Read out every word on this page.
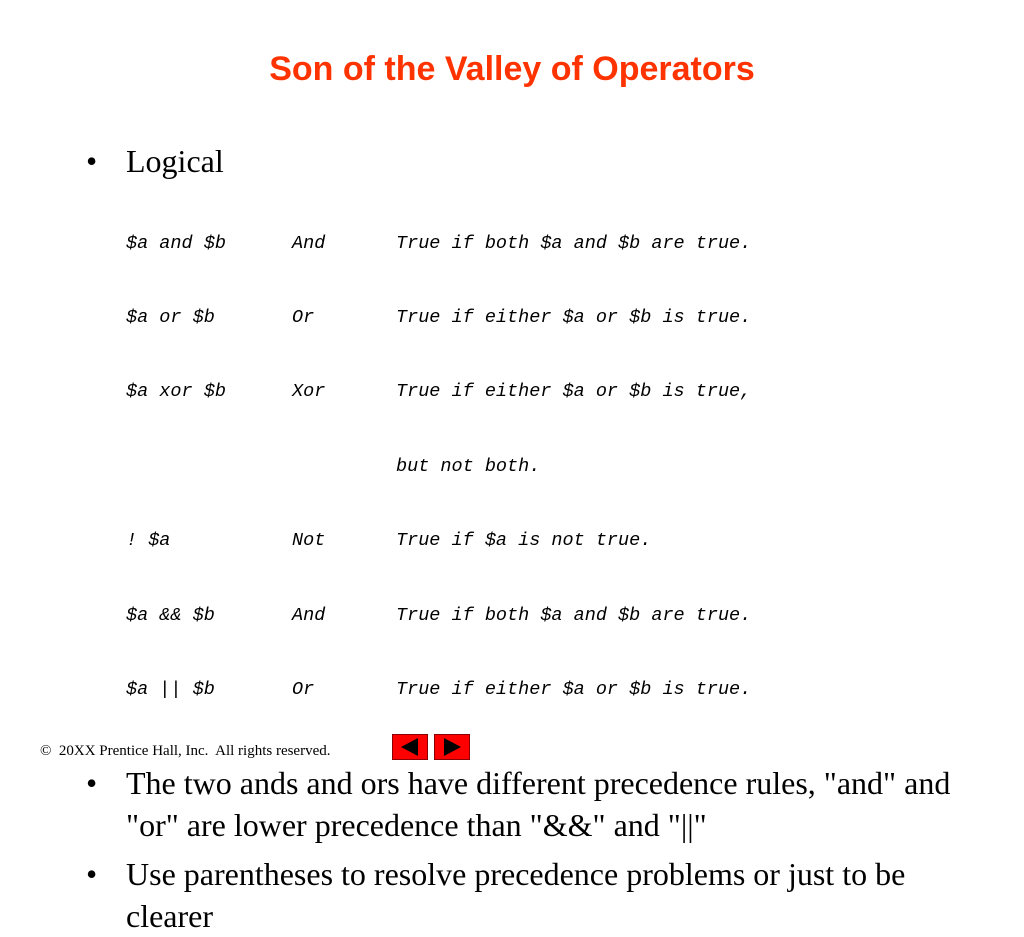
Son of the Valley of Operators
• Logical

$a and $b	And	True if both $a and $b are true.

$a or $b	Or	True if either $a or $b is true.

$a xor $b	Xor	True if either $a or $b is true,

but not both.

! $a	Not	True if $a is not true.

$a && $b	And	True if both $a and $b are true.

$a || $b	Or	True if either $a or $b is true.

• The two ands and ors have different precedence rules, "and" and "or" are lower precedence than "&&" and "||"
• Use parentheses to resolve precedence problems or just to be clearer
©  20XX Prentice Hall, Inc.  All rights reserved.
